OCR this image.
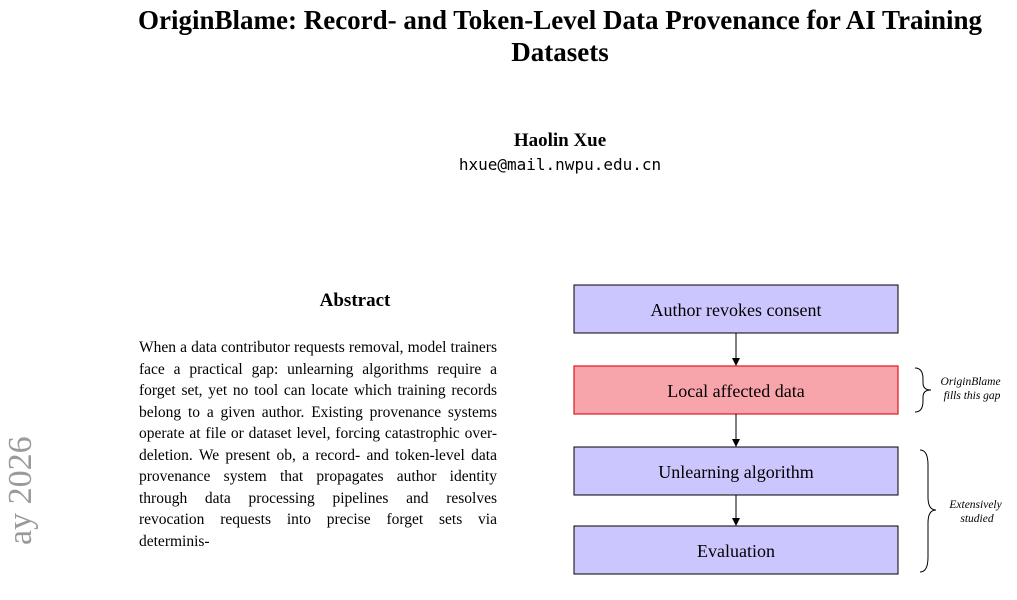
OriginBlame: Record- and Token-Level Data Provenance for AI Training Datasets
Haolin Xue
hxue@mail.nwpu.edu.cn
ay 2026
Abstract

When a data contributor requests removal, model trainers face a practical gap: unlearning algorithms require a forget set, yet no tool can locate which training records belong to a given author. Existing provenance systems operate at file or dataset level, forcing catastrophic over-deletion. We present ob, a record- and token-level data provenance system that propagates author identity through data processing pipelines and resolves revocation requests into precise forget sets via determinis-

Author revokes consent
Local affected data
Unlearning algorithm
Evaluation
OriginBlame fills this gap
Extensively studied
